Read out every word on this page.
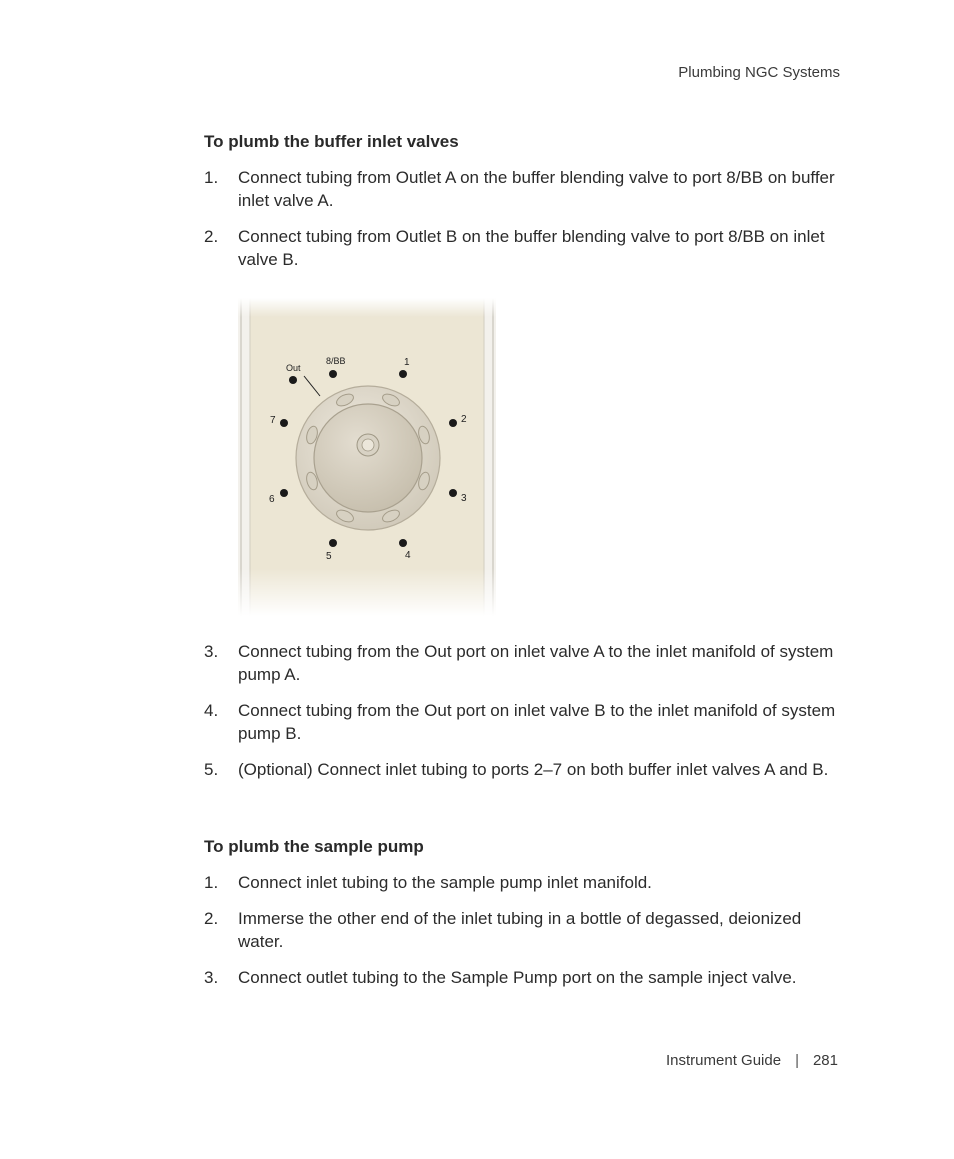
Plumbing NGC Systems
To plumb the buffer inlet valves
1. Connect tubing from Outlet A on the buffer blending valve to port 8/BB on buffer inlet valve A.
2. Connect tubing from Outlet B on the buffer blending valve to port 8/BB on inlet valve B.
3. Connect tubing from the Out port on inlet valve A to the inlet manifold of system pump A.
4. Connect tubing from the Out port on inlet valve B to the inlet manifold of system pump B.
5. (Optional) Connect inlet tubing to ports 2–7 on both buffer inlet valves A and B.
To plumb the sample pump
1. Connect inlet tubing to the sample pump inlet manifold.
2. Immerse the other end of the inlet tubing in a bottle of degassed, deionized water.
3. Connect outlet tubing to the Sample Pump port on the sample inject valve.
Instrument Guide | 281
